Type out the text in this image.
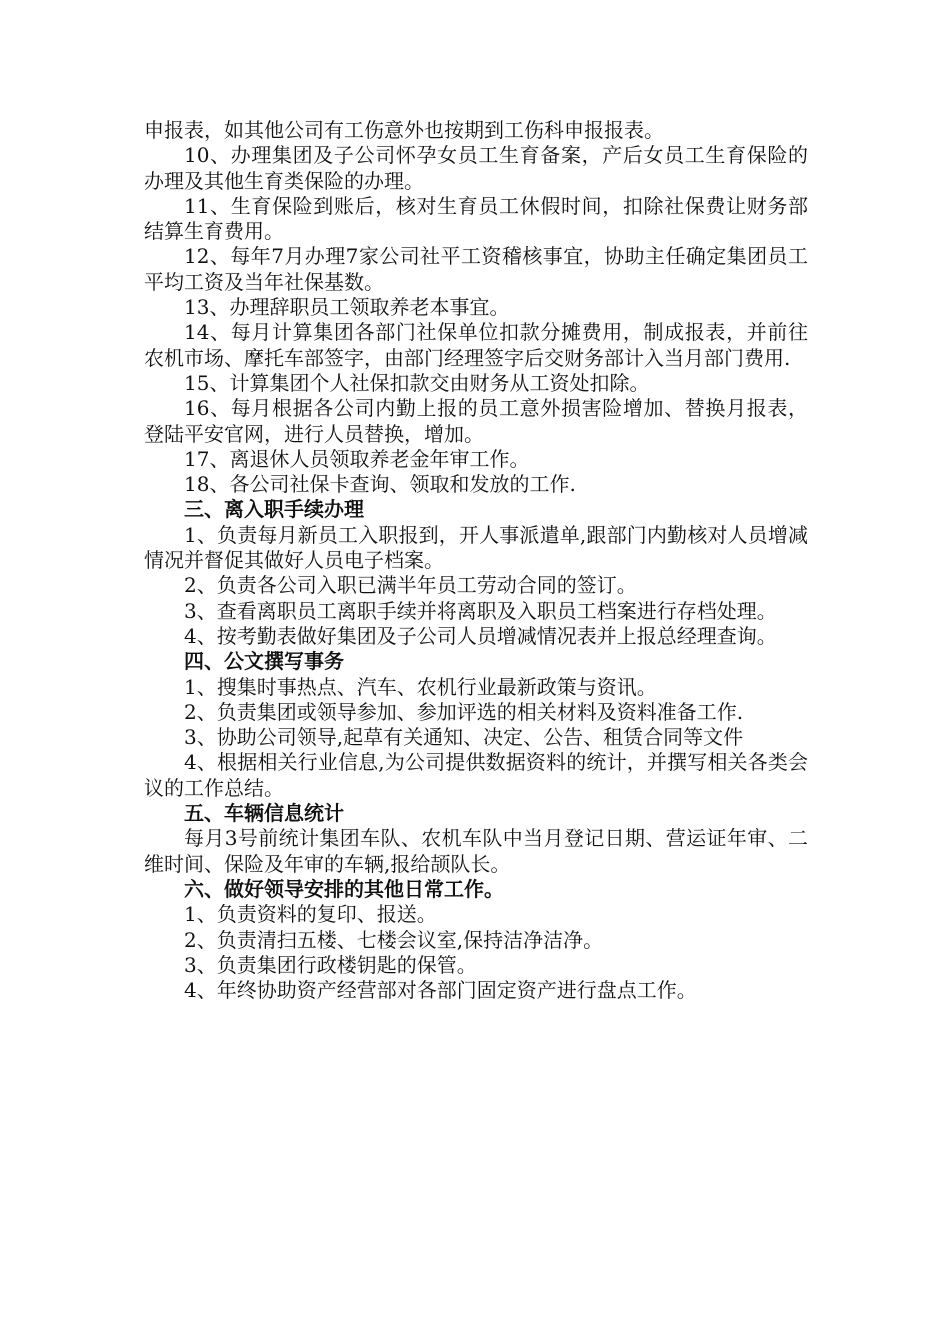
申报表，如其他公司有工伤意外也按期到工伤科申报报表。

10、办理集团及子公司怀孕女员工生育备案，产后女员工生育保险的办理及其他生育类保险的办理。

11、生育保险到账后，核对生育员工休假时间，扣除社保费让财务部结算生育费用。

12、每年7月办理7家公司社平工资稽核事宜，协助主任确定集团员工平均工资及当年社保基数。

13、办理辞职员工领取养老本事宜。

14、每月计算集团各部门社保单位扣款分摊费用，制成报表，并前往农机市场、摩托车部签字，由部门经理签字后交财务部计入当月部门费用.

15、计算集团个人社保扣款交由财务从工资处扣除。

16、每月根据各公司内勤上报的员工意外损害险增加、替换月报表，登陆平安官网，进行人员替换，增加。

17、离退休人员领取养老金年审工作。

18、各公司社保卡查询、领取和发放的工作.

三、离入职手续办理

1、负责每月新员工入职报到，开人事派遣单,跟部门内勤核对人员增减情况并督促其做好人员电子档案。

2、负责各公司入职已满半年员工劳动合同的签订。

3、查看离职员工离职手续并将离职及入职员工档案进行存档处理。

4、按考勤表做好集团及子公司人员增减情况表并上报总经理查询。

四、公文撰写事务

1、搜集时事热点、汽车、农机行业最新政策与资讯。

2、负责集团或领导参加、参加评选的相关材料及资料准备工作.

3、协助公司领导,起草有关通知、决定、公告、租赁合同等文件

4、根据相关行业信息,为公司提供数据资料的统计，并撰写相关各类会议的工作总结。

五、车辆信息统计

每月3号前统计集团车队、农机车队中当月登记日期、营运证年审、二维时间、保险及年审的车辆,报给颉队长。

六、做好领导安排的其他日常工作。

1、负责资料的复印、报送。

2、负责清扫五楼、七楼会议室,保持洁净洁净。

3、负责集团行政楼钥匙的保管。

4、年终协助资产经营部对各部门固定资产进行盘点工作。
